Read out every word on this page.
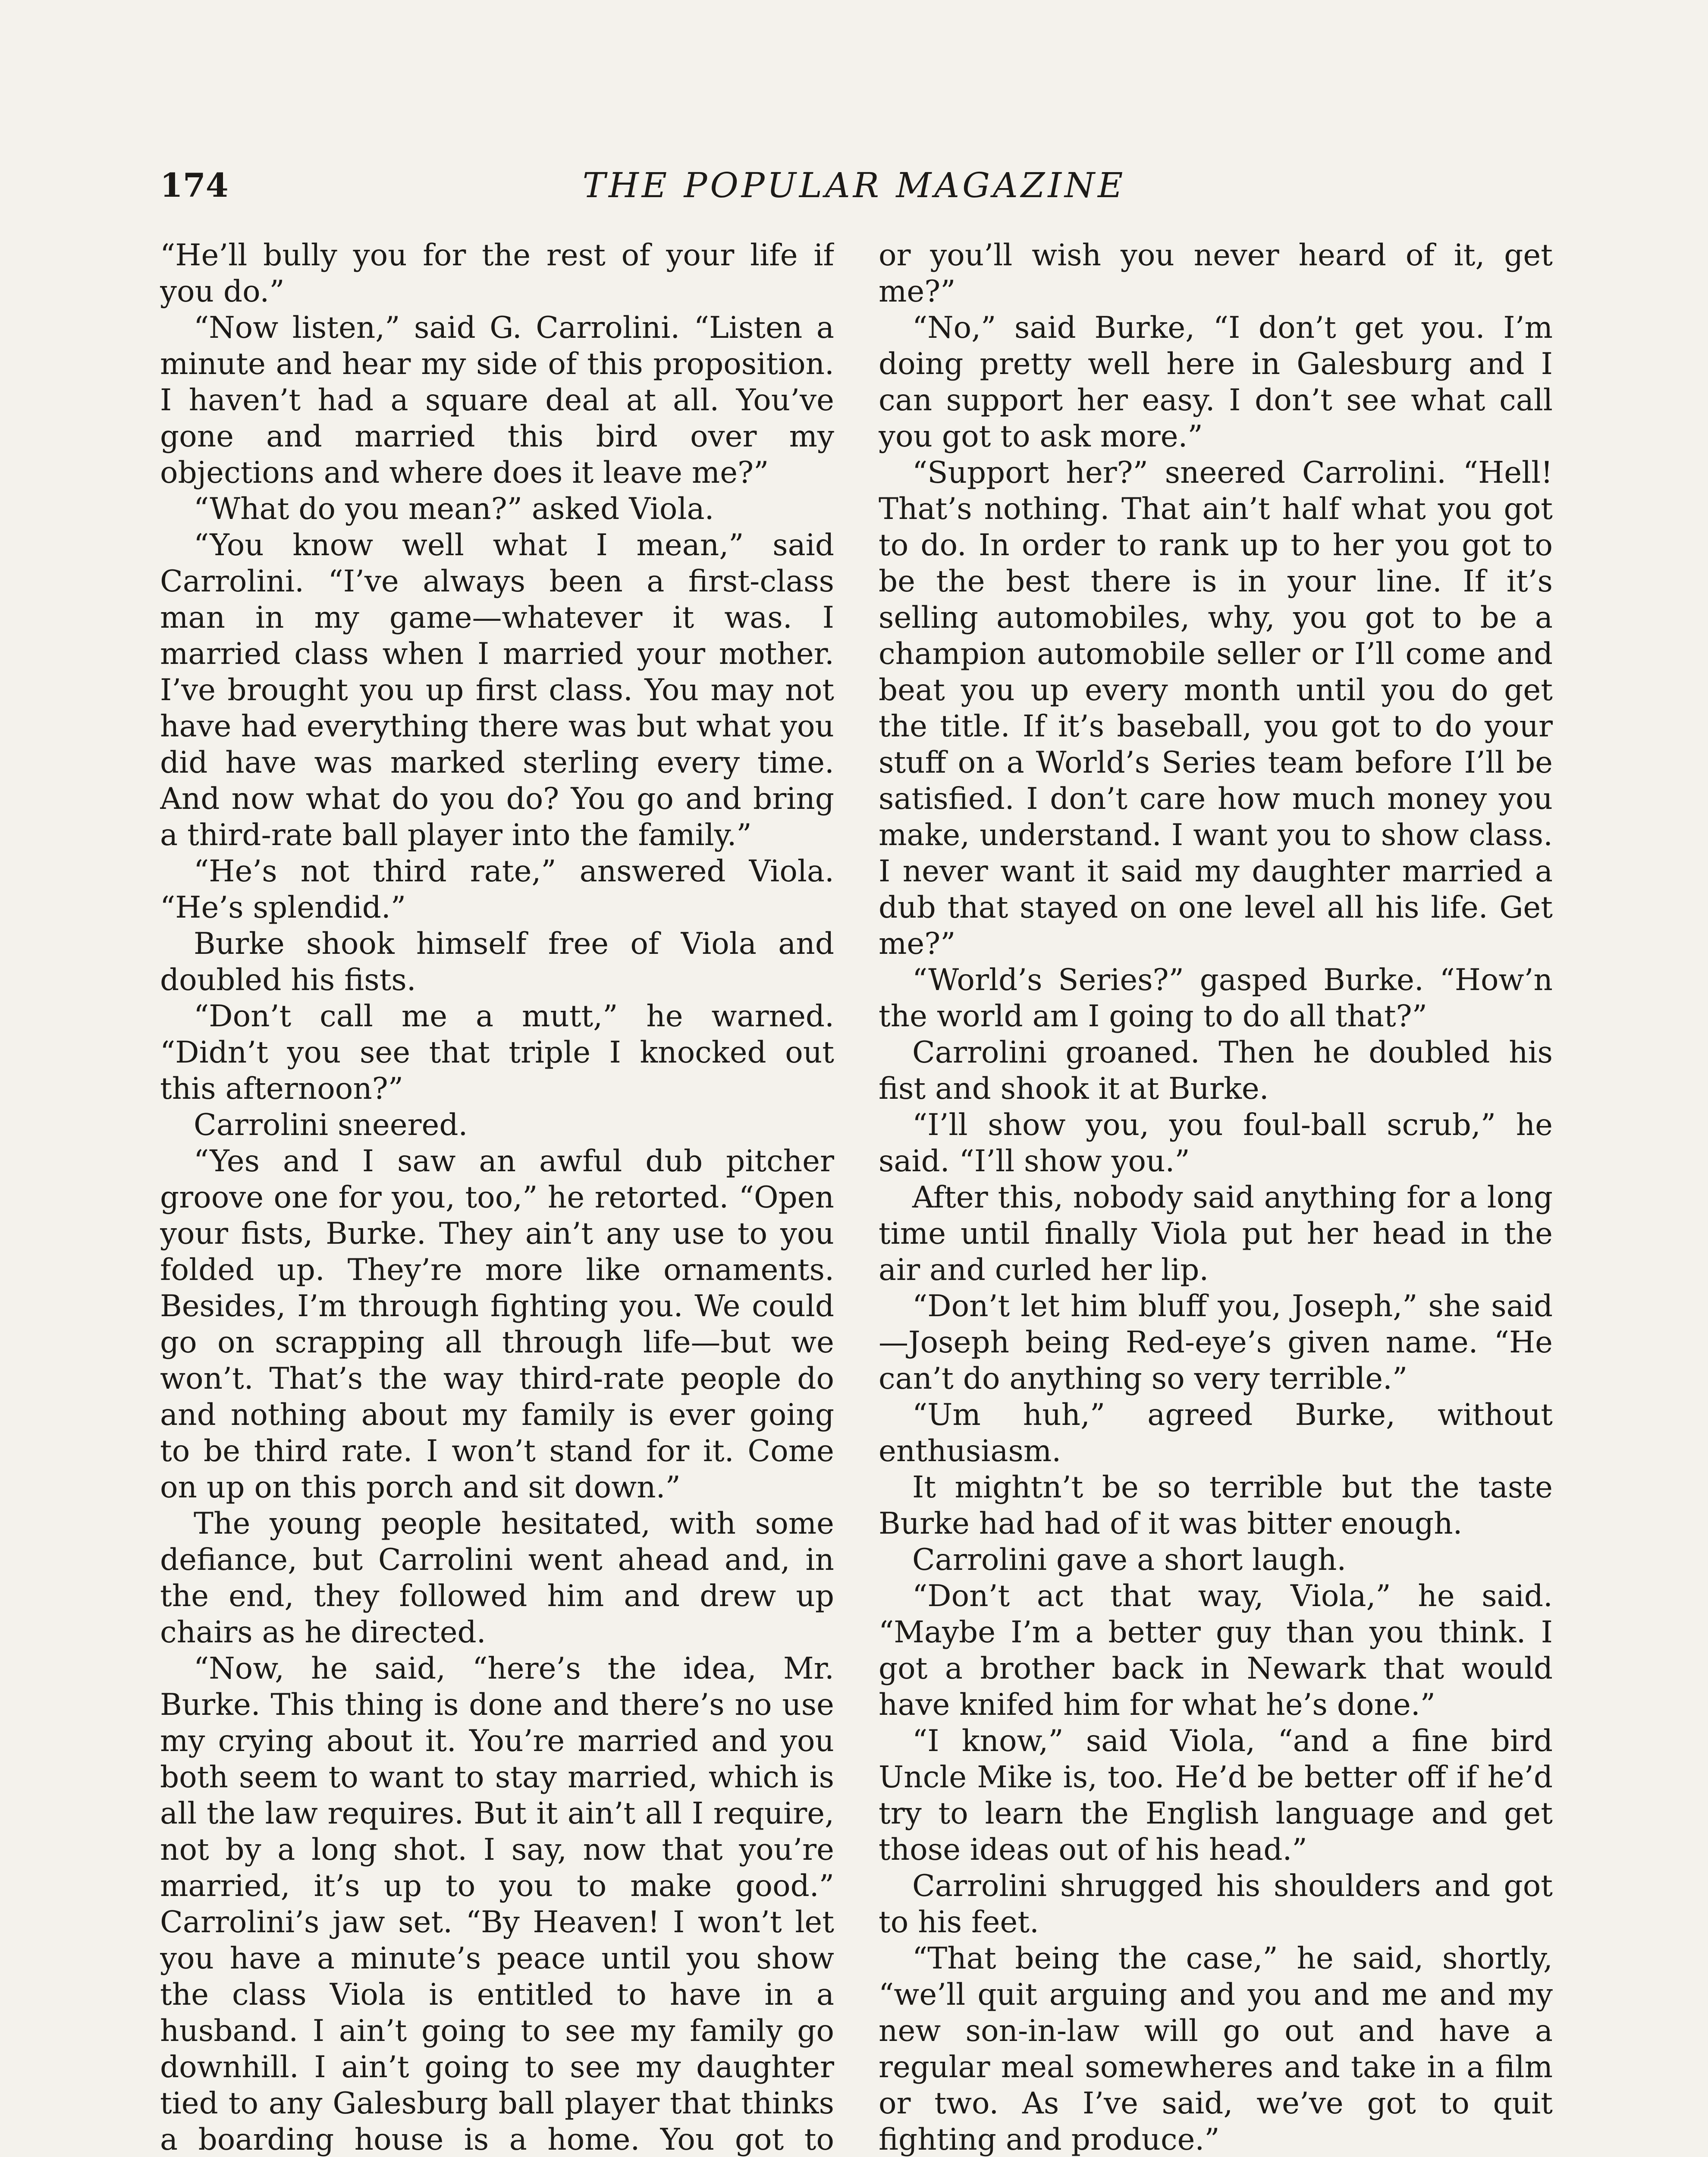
174	THE POPULAR MAGAZINE

“He’ll bully you for the rest of your life if you do.”

“Now listen,” said G. Carrolini. “Listen a minute and hear my side of this proposition. I haven’t had a square deal at all. You’ve gone and married this bird over my objections and where does it leave me?”

“What do you mean?” asked Viola.

“You know well what I mean,” said Carrolini. “I’ve always been a first-class man in my game—whatever it was. I married class when I married your mother. I’ve brought you up first class. You may not have had everything there was but what you did have was marked sterling every time. And now what do you do? You go and bring a third-rate ball player into the family.”

“He’s not third rate,” answered Viola. “He’s splendid.”

Burke shook himself free of Viola and doubled his fists.

“Don’t call me a mutt,” he warned. “Didn’t you see that triple I knocked out this afternoon?”

Carrolini sneered.

“Yes and I saw an awful dub pitcher groove one for you, too,” he retorted. “Open your fists, Burke. They ain’t any use to you folded up. They’re more like ornaments. Besides, I’m through fighting you. We could go on scrapping all through life—but we won’t. That’s the way third-rate people do and nothing about my family is ever going to be third rate. I won’t stand for it. Come on up on this porch and sit down.”

The young people hesitated, with some defiance, but Carrolini went ahead and, in the end, they followed him and drew up chairs as he directed.

“Now, he said, “here’s the idea, Mr. Burke. This thing is done and there’s no use my crying about it. You’re married and you both seem to want to stay married, which is all the law requires. But it ain’t all I require, not by a long shot. I say, now that you’re married, it’s up to you to make good.” Carrolini’s jaw set. “By Heaven! I won’t let you have a minute’s peace until you show the class Viola is entitled to have in a husband. I ain’t going to see my family go downhill. I ain’t going to see my daughter tied to any Galesburg ball player that thinks a boarding house is a home. You got to

or you’ll wish you never heard of it, get me?”

“No,” said Burke, “I don’t get you. I’m doing pretty well here in Galesburg and I can support her easy. I don’t see what call you got to ask more.”

“Support her?” sneered Carrolini. “Hell! That’s nothing. That ain’t half what you got to do. In order to rank up to her you got to be the best there is in your line. If it’s selling automobiles, why, you got to be a champion automobile seller or I’ll come and beat you up every month until you do get the title. If it’s baseball, you got to do your stuff on a World’s Series team before I’ll be satisfied. I don’t care how much money you make, understand. I want you to show class. I never want it said my daughter married a dub that stayed on one level all his life. Get me?”

“World’s Series?” gasped Burke. “How’n the world am I going to do all that?”

Carrolini groaned. Then he doubled his fist and shook it at Burke.

“I’ll show you, you foul-ball scrub,” he said. “I’ll show you.”

After this, nobody said anything for a long time until finally Viola put her head in the air and curled her lip.

“Don’t let him bluff you, Joseph,” she said—Joseph being Red-eye’s given name. “He can’t do anything so very terrible.”

“Um huh,” agreed Burke, without enthusiasm.

It mightn’t be so terrible but the taste Burke had had of it was bitter enough.

Carrolini gave a short laugh.

“Don’t act that way, Viola,” he said. “Maybe I’m a better guy than you think. I got a brother back in Newark that would have knifed him for what he’s done.”

“I know,” said Viola, “and a fine bird Uncle Mike is, too. He’d be better off if he’d try to learn the English language and get those ideas out of his head.”

Carrolini shrugged his shoulders and got to his feet.

“That being the case,” he said, shortly, “we’ll quit arguing and you and me and my new son-in-law will go out and have a regular meal somewheres and take in a film or two. As I’ve said, we’ve got to quit fighting and produce.”
